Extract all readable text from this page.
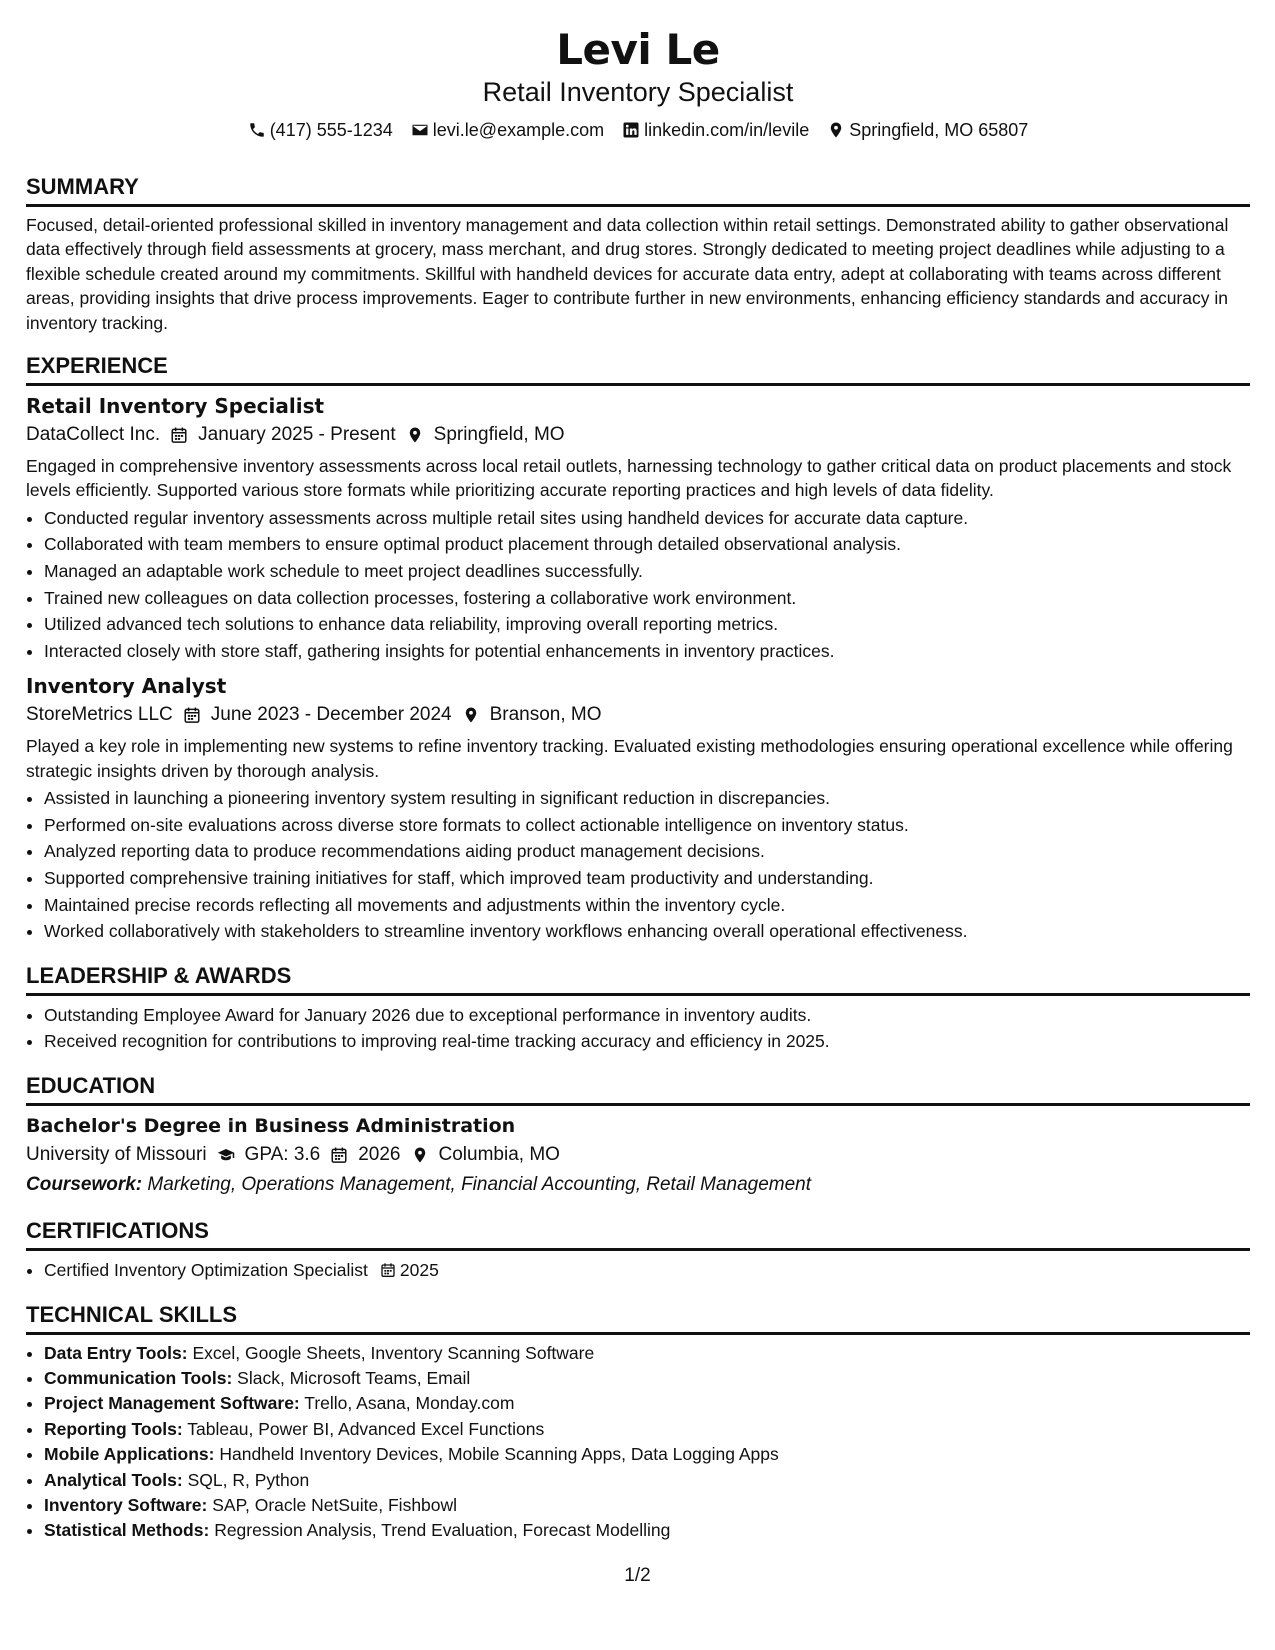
Levi Le
Retail Inventory Specialist
(417) 555-1234 levi.le@example.com linkedin.com/in/levile Springfield, MO 65807
SUMMARY
Focused, detail-oriented professional skilled in inventory management and data collection within retail settings. Demonstrated ability to gather observational data effectively through field assessments at grocery, mass merchant, and drug stores. Strongly dedicated to meeting project deadlines while adjusting to a flexible schedule created around my commitments. Skillful with handheld devices for accurate data entry, adept at collaborating with teams across different areas, providing insights that drive process improvements. Eager to contribute further in new environments, enhancing efficiency standards and accuracy in inventory tracking.
EXPERIENCE
Retail Inventory Specialist
DataCollect Inc. January 2025 - Present Springfield, MO
Engaged in comprehensive inventory assessments across local retail outlets, harnessing technology to gather critical data on product placements and stock levels efficiently. Supported various store formats while prioritizing accurate reporting practices and high levels of data fidelity.
• Conducted regular inventory assessments across multiple retail sites using handheld devices for accurate data capture.
• Collaborated with team members to ensure optimal product placement through detailed observational analysis.
• Managed an adaptable work schedule to meet project deadlines successfully.
• Trained new colleagues on data collection processes, fostering a collaborative work environment.
• Utilized advanced tech solutions to enhance data reliability, improving overall reporting metrics.
• Interacted closely with store staff, gathering insights for potential enhancements in inventory practices.
Inventory Analyst
StoreMetrics LLC June 2023 - December 2024 Branson, MO
Played a key role in implementing new systems to refine inventory tracking. Evaluated existing methodologies ensuring operational excellence while offering strategic insights driven by thorough analysis.
• Assisted in launching a pioneering inventory system resulting in significant reduction in discrepancies.
• Performed on-site evaluations across diverse store formats to collect actionable intelligence on inventory status.
• Analyzed reporting data to produce recommendations aiding product management decisions.
• Supported comprehensive training initiatives for staff, which improved team productivity and understanding.
• Maintained precise records reflecting all movements and adjustments within the inventory cycle.
• Worked collaboratively with stakeholders to streamline inventory workflows enhancing overall operational effectiveness.
LEADERSHIP & AWARDS
• Outstanding Employee Award for January 2026 due to exceptional performance in inventory audits.
• Received recognition for contributions to improving real-time tracking accuracy and efficiency in 2025.
EDUCATION
Bachelor's Degree in Business Administration
University of Missouri GPA: 3.6 2026 Columbia, MO
Coursework: Marketing, Operations Management, Financial Accounting, Retail Management
CERTIFICATIONS
• Certified Inventory Optimization Specialist 2025
TECHNICAL SKILLS
• Data Entry Tools: Excel, Google Sheets, Inventory Scanning Software
• Communication Tools: Slack, Microsoft Teams, Email
• Project Management Software: Trello, Asana, Monday.com
• Reporting Tools: Tableau, Power BI, Advanced Excel Functions
• Mobile Applications: Handheld Inventory Devices, Mobile Scanning Apps, Data Logging Apps
• Analytical Tools: SQL, R, Python
• Inventory Software: SAP, Oracle NetSuite, Fishbowl
• Statistical Methods: Regression Analysis, Trend Evaluation, Forecast Modelling
1/2
